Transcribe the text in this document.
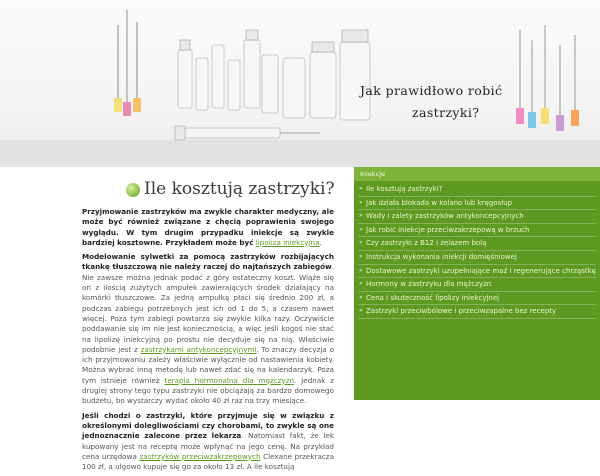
Jak prawidłowo robić
zastrzyki?
Ile kosztują zastrzyki?

Przyjmowanie zastrzyków ma zwykle charakter medyczny, ale może być również związane z chęcią poprawienia swojego wyglądu. W tym drugim przypadku iniekcje są zwykle bardziej kosztowne. Przykładem może być lipoliza iniekcyjna.

Modelowanie sylwetki za pomocą zastrzyków rozbijających tkankę tłuszczową nie należy raczej do najtańszych zabiegów. Nie zawsze można jednak podać z góry ostateczny koszt. Wiąże się on z ilością zużytych ampułek zawierających środek działający na komórki tłuszczowe. Za jedną ampułkę płaci się średnio 200 zł, a podczas zabiegu potrzebnych jest ich od 1 do 5, a czasem nawet więcej. Poza tym zabiegi powtarza się zwykle kilka razy. Oczywiście poddawanie się im nie jest koniecznością, a więc jeśli kogoś nie stać na lipolizę iniekcyjną po prostu nie decyduje się na nią. Właściwie podobnie jest z zastrzykami antykoncepcyjnymi. To znaczy decyzja o ich przyjmowaniu zależy właściwie wyłącznie od nastawienia kobiety. Można wybrać inną metodę lub nawet zdać się na kalendarzyk. Poza tym istnieje również terapia hormonalna dla mężczyzn. Jednak z drugiej strony tego typu zastrzyki nie obciążają za bardzo domowego budżetu, bo wystarczy wydać około 40 zł raz na trzy miesiące.

Jeśli chodzi o zastrzyki, które przyjmuje się w związku z określonymi dolegliwościami czy chorobami, to zwykle są one jednoznacznie zalecone przez lekarza. Natomiast fakt, że lek kupowany jest na receptę może wpłynąć na jego cenę. Na przykład cena urzędowa zastrzyków przeciwzakrzepowych Clexane przekracza 100 zł, a ulgowo kupuje się go za około 13 zł. A ile kosztują

Iniekcje
» Ile kosztują zastrzyki?
» Jak działa blokada w kolano lub kręgosłup
» Wady i zalety zastrzyków antykoncepcyjnych
» Jak robić iniekcje przeciwzakrzepową w brzuch
» Czy zastrzyki z B12 i żelazem bolą
» Instrukcja wykonania iniekcji domięśniowej
» Dostawowe zastrzyki uzupełniające maź i regenerujące chrząstkę
» Hormony w zastrzyku dla mężczyzn
» Cena i skuteczność lipolizy iniekcyjnej
» Zastrzyki przeciwbólowe i przeciwzapalne bez recepty
